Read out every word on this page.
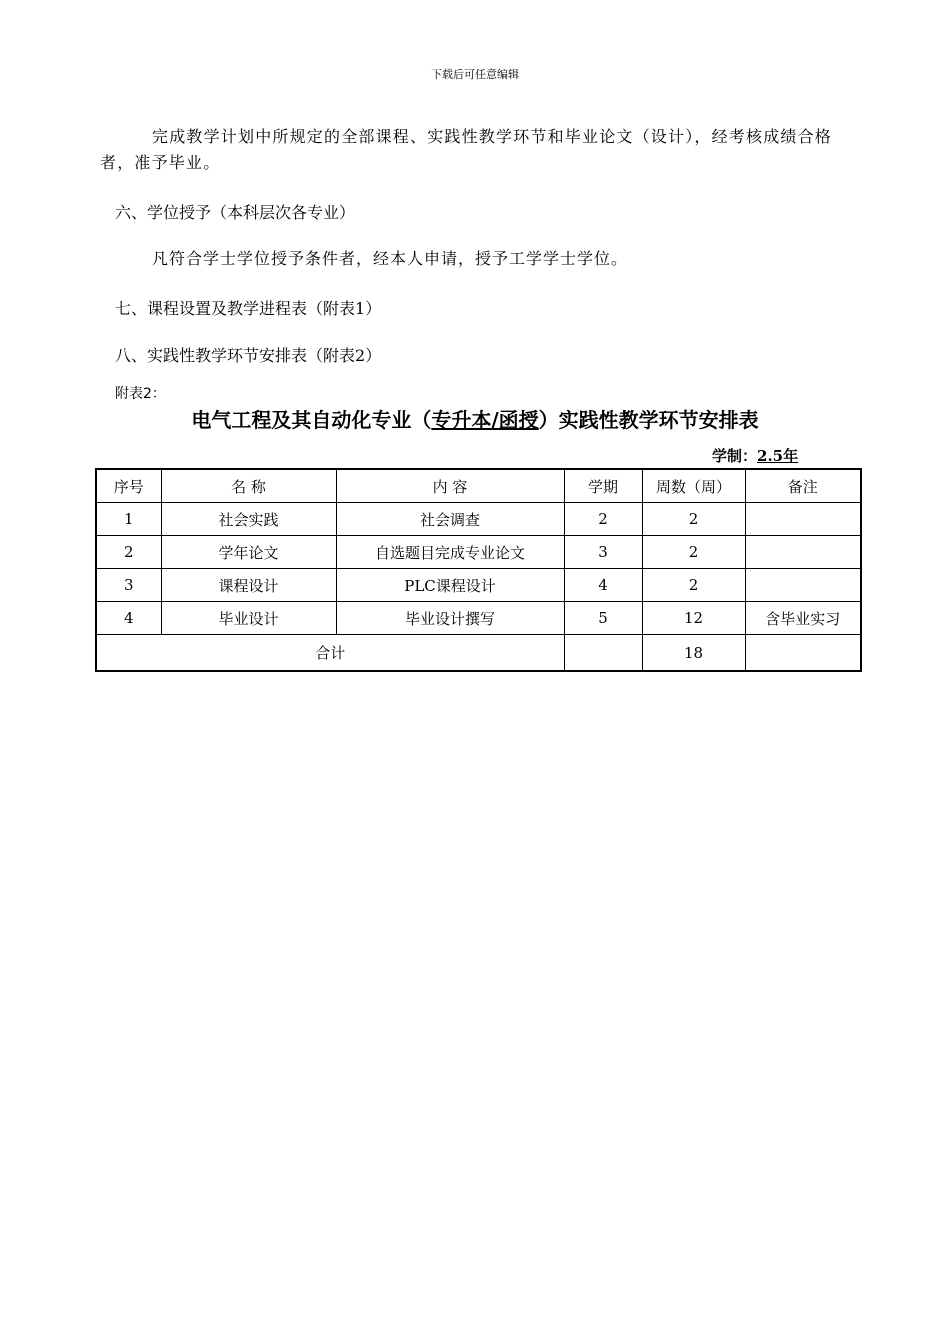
下载后可任意编辑
完成教学计划中所规定的全部课程、实践性教学环节和毕业论文（设计），经考核成绩合格者，准予毕业。
六、学位授予（本科层次各专业）
凡符合学士学位授予条件者，经本人申请，授予工学学士学位。
七、课程设置及教学进程表（附表1）
八、实践性教学环节安排表（附表2）
附表2：
电气工程及其自动化专业（专升本/函授）实践性教学环节安排表
学制：2.5年
序号	名 称	内 容	学期	周数（周）	备注
1	社会实践	社会调查	2	2	
2	学年论文	自选题目完成专业论文	3	2	
3	课程设计	PLC课程设计	4	2	
4	毕业设计	毕业设计撰写	5	12	含毕业实习
合计				18	
